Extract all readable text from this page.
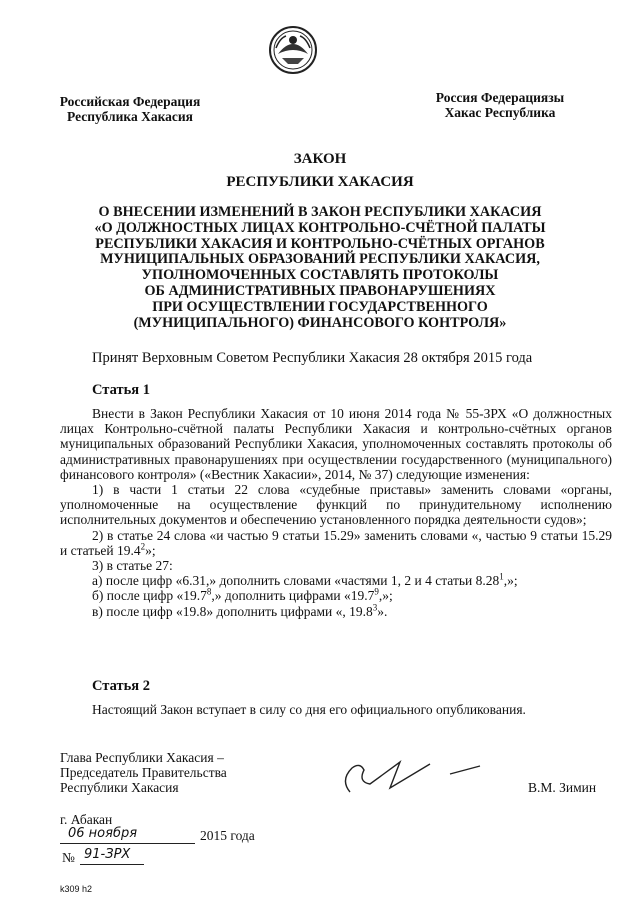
Российская Федерация
Республика Хакасия
Россия Федерациязы
Хакас Республика
ЗАКОН
РЕСПУБЛИКИ ХАКАСИЯ
О ВНЕСЕНИИ ИЗМЕНЕНИЙ В ЗАКОН РЕСПУБЛИКИ ХАКАСИЯ
«О ДОЛЖНОСТНЫХ ЛИЦАХ КОНТРОЛЬНО-СЧЁТНОЙ ПАЛАТЫ
РЕСПУБЛИКИ ХАКАСИЯ И КОНТРОЛЬНО-СЧЁТНЫХ ОРГАНОВ
МУНИЦИПАЛЬНЫХ ОБРАЗОВАНИЙ РЕСПУБЛИКИ ХАКАСИЯ,
УПОЛНОМОЧЕННЫХ СОСТАВЛЯТЬ ПРОТОКОЛЫ
ОБ АДМИНИСТРАТИВНЫХ ПРАВОНАРУШЕНИЯХ
ПРИ ОСУЩЕСТВЛЕНИИ ГОСУДАРСТВЕННОГО
(МУНИЦИПАЛЬНОГО) ФИНАНСОВОГО КОНТРОЛЯ»
Принят Верховным Советом Республики Хакасия 28 октября 2015 года
Статья 1
Внести в Закон Республики Хакасия от 10 июня 2014 года № 55-ЗРХ «О должностных лицах Контрольно-счётной палаты Республики Хакасия и контрольно-счётных органов муниципальных образований Республики Хакасия, уполномоченных составлять протоколы об административных правонарушениях при осуществлении государственного (муниципального) финансового контроля» («Вестник Хакасии», 2014, № 37) следующие изменения:
1) в части 1 статьи 22 слова «судебные приставы» заменить словами «органы, уполномоченные на осуществление функций по принудительному исполнению исполнительных документов и обеспечению установленного порядка деятельности судов»;
2) в статье 24 слова «и частью 9 статьи 15.29» заменить словами «, частью 9 статьи 15.29 и статьей 19.4$^2$»;
3) в статье 27:
а) после цифр «6.31,» дополнить словами «частями 1, 2 и 4 статьи 8.28$^1$,»;
б) после цифр «19.7$^8$,» дополнить цифрами «19.7$^9$,»;
в) после цифр «19.8» дополнить цифрами «, 19.8$^3$».
Статья 2
Настоящий Закон вступает в силу со дня его официального опубликования.
Глава Республики Хакасия –
Председатель Правительства
Республики Хакасия	В.М. Зимин
г. Абакан
06 ноября	2015 года
№ 91-ЗРХ
k309 h2
